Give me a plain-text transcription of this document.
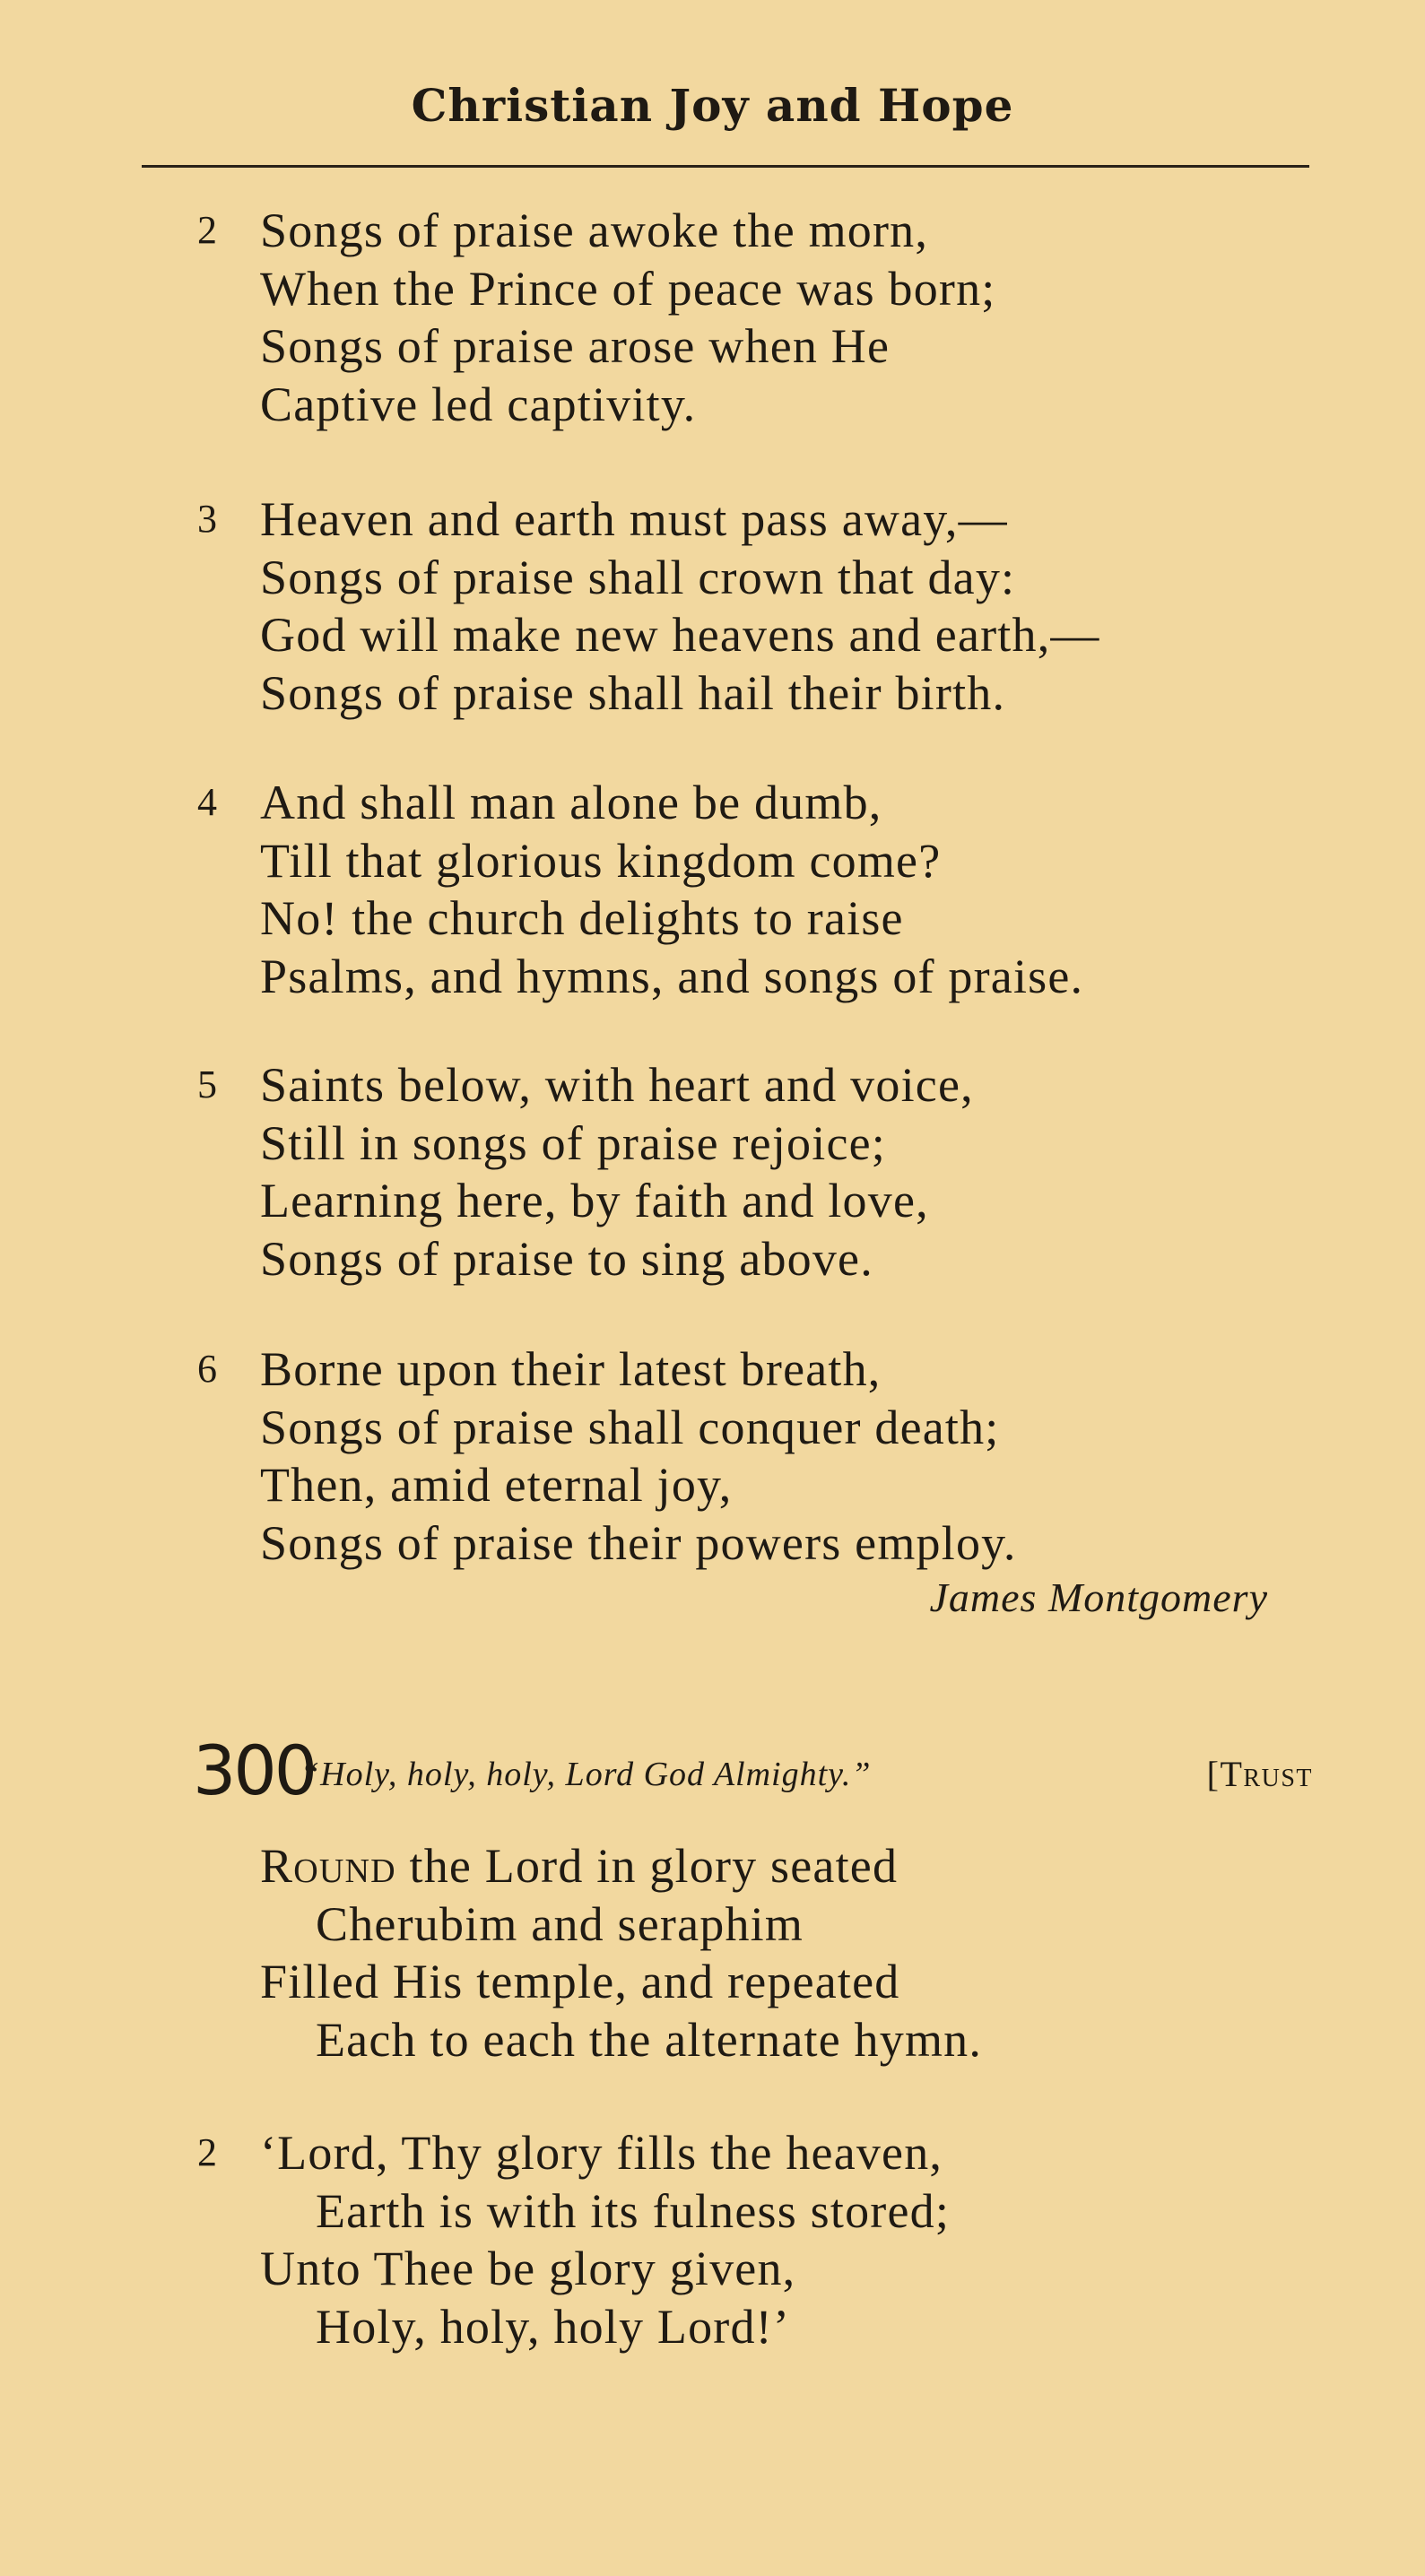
Christian Joy and Hope
2 Songs of praise awoke the morn,
When the Prince of peace was born;
Songs of praise arose when He
Captive led captivity.
3 Heaven and earth must pass away,—
Songs of praise shall crown that day:
God will make new heavens and earth,—
Songs of praise shall hail their birth.
4 And shall man alone be dumb,
Till that glorious kingdom come?
No! the church delights to raise
Psalms, and hymns, and songs of praise.
5 Saints below, with heart and voice,
Still in songs of praise rejoice;
Learning here, by faith and love,
Songs of praise to sing above.
6 Borne upon their latest breath,
Songs of praise shall conquer death;
Then, amid eternal joy,
Songs of praise their powers employ.
James Montgomery
300
“Holy, holy, holy, Lord God Almighty.”	[Trust
Round the Lord in glory seated
Cherubim and seraphim
Filled His temple, and repeated
Each to each the alternate hymn.
2 ‘Lord, Thy glory fills the heaven,
Earth is with its fulness stored;
Unto Thee be glory given,
Holy, holy, holy Lord!’
